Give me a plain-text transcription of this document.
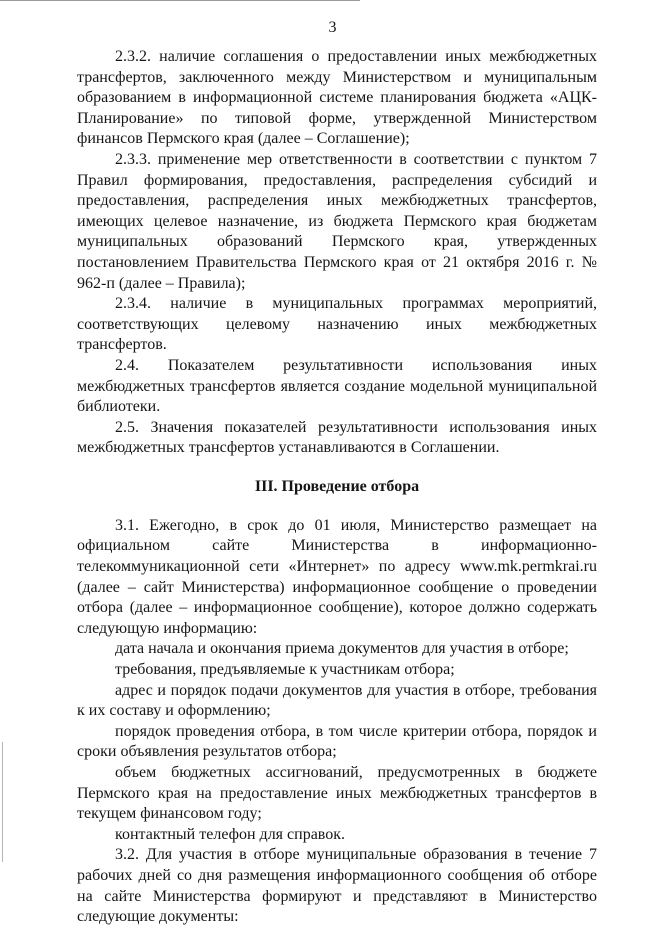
3

2.3.2. наличие соглашения о предоставлении иных межбюджетных трансфертов, заключенного между Министерством и муниципальным образованием в информационной системе планирования бюджета «АЦК-Планирование» по типовой форме, утвержденной Министерством финансов Пермского края (далее – Соглашение);

2.3.3. применение мер ответственности в соответствии с пунктом 7 Правил формирования, предоставления, распределения субсидий и предоставления, распределения иных межбюджетных трансфертов, имеющих целевое назначение, из бюджета Пермского края бюджетам муниципальных образований Пермского края, утвержденных постановлением Правительства Пермского края от 21 октября 2016 г. № 962-п (далее – Правила);

2.3.4. наличие в муниципальных программах мероприятий, соответствующих целевому назначению иных межбюджетных трансфертов.

2.4. Показателем результативности использования иных межбюджетных трансфертов является создание модельной муниципальной библиотеки.

2.5. Значения показателей результативности использования иных межбюджетных трансфертов устанавливаются в Соглашении.

III. Проведение отбора

3.1. Ежегодно, в срок до 01 июля, Министерство размещает на официальном сайте Министерства в информационно-телекоммуникационной сети «Интернет» по адресу www.mk.permkrai.ru (далее – сайт Министерства) информационное сообщение о проведении отбора (далее – информационное сообщение), которое должно содержать следующую информацию:

дата начала и окончания приема документов для участия в отборе;

требования, предъявляемые к участникам отбора;

адрес и порядок подачи документов для участия в отборе, требования к их составу и оформлению;

порядок проведения отбора, в том числе критерии отбора, порядок и сроки объявления результатов отбора;

объем бюджетных ассигнований, предусмотренных в бюджете Пермского края на предоставление иных межбюджетных трансфертов в текущем финансовом году;

контактный телефон для справок.

3.2. Для участия в отборе муниципальные образования в течение 7 рабочих дней со дня размещения информационного сообщения об отборе на сайте Министерства формируют и представляют в Министерство следующие документы:
